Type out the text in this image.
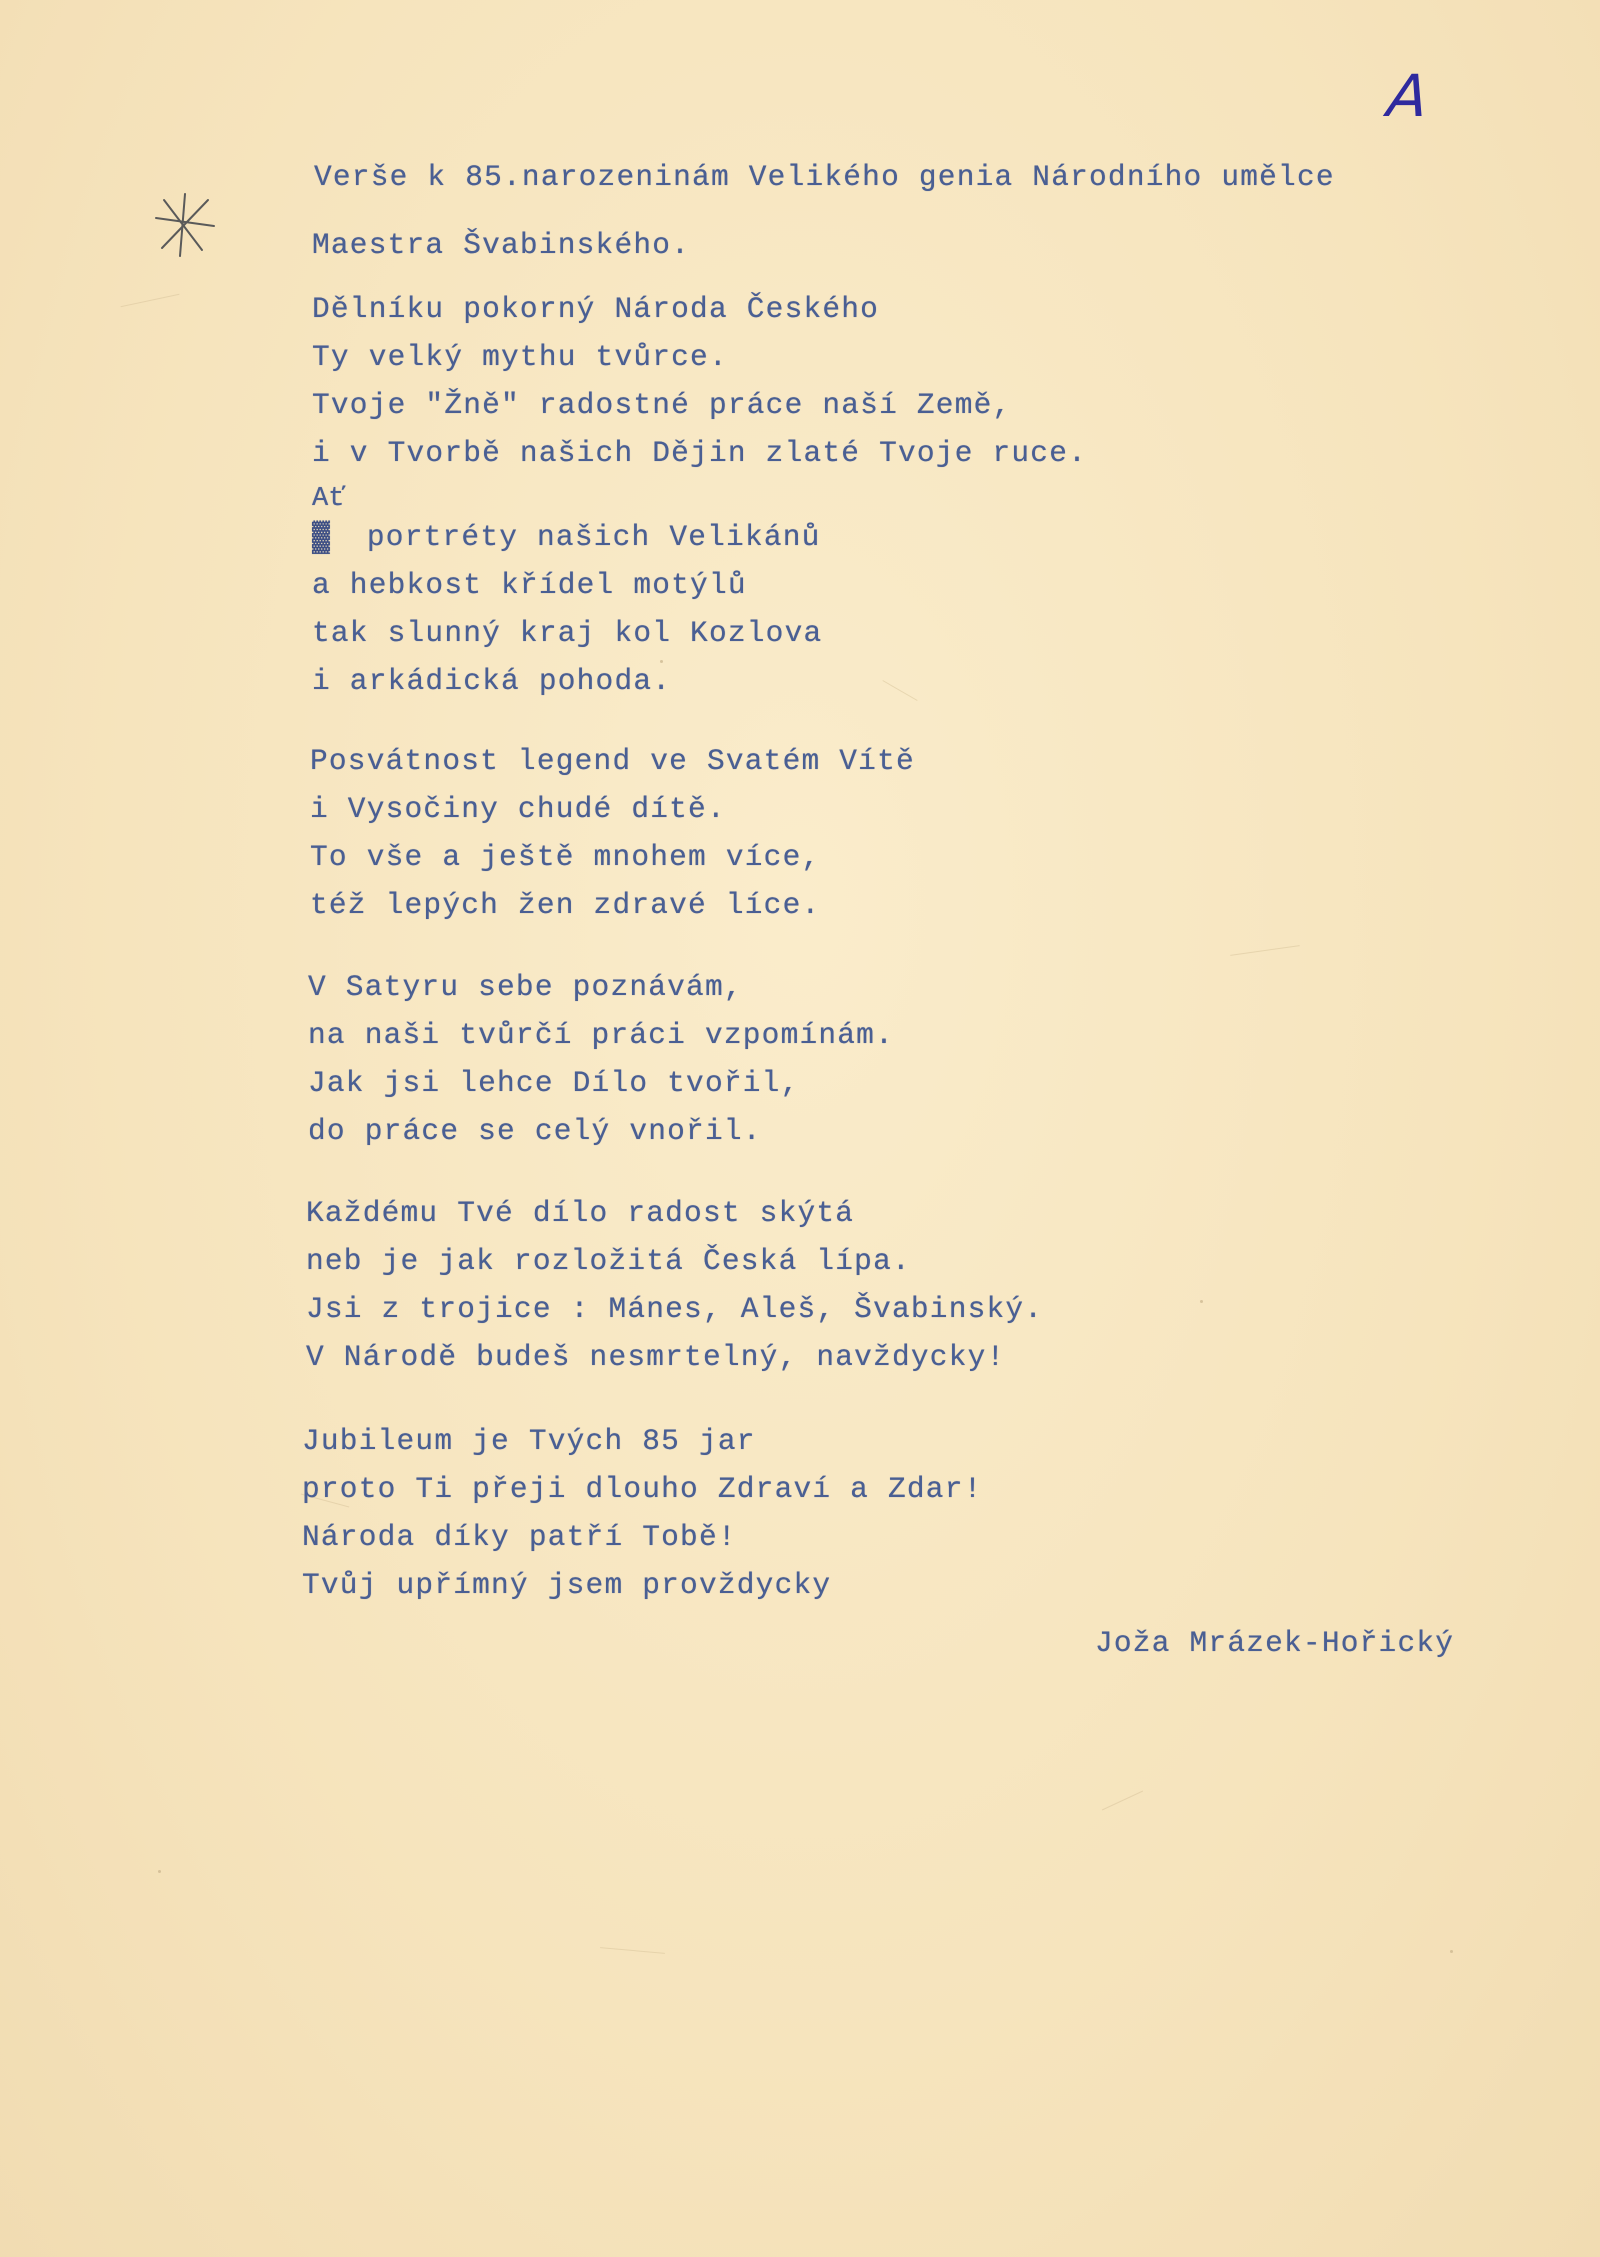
A
Verše k 85.narozeninám Velikého genia Národního umělce
Maestra Švabinského.
Dělníku pokorný Národa Českého
Ty velký mythu tvůrce.
Tvoje "Žně" radostné práce naší Země,
i v Tvorbě našich Dějin zlaté Tvoje ruce.
Ať
▓ portréty našich Velikánů
a hebkost křídel motýlů
tak slunný kraj kol Kozlova
i arkádická pohoda.
Posvátnost legend ve Svatém Vítě
i Vysočiny chudé dítě.
To vše a ještě mnohem více,
též lepých žen zdravé líce.
V Satyru sebe poznávám,
na naši tvůrčí práci vzpomínám.
Jak jsi lehce Dílo tvořil,
do práce se celý vnořil.
Každému Tvé dílo radost skýtá
neb je jak rozložitá Česká lípa.
Jsi z trojice : Mánes, Aleš, Švabinský.
V Národě budeš nesmrtelný, navždycky!
Jubileum je Tvých 85 jar
proto Ti přeji dlouho Zdraví a Zdar!
Národa díky patří Tobě!
Tvůj upřímný jsem provždycky
Joža Mrázek-Hořický
